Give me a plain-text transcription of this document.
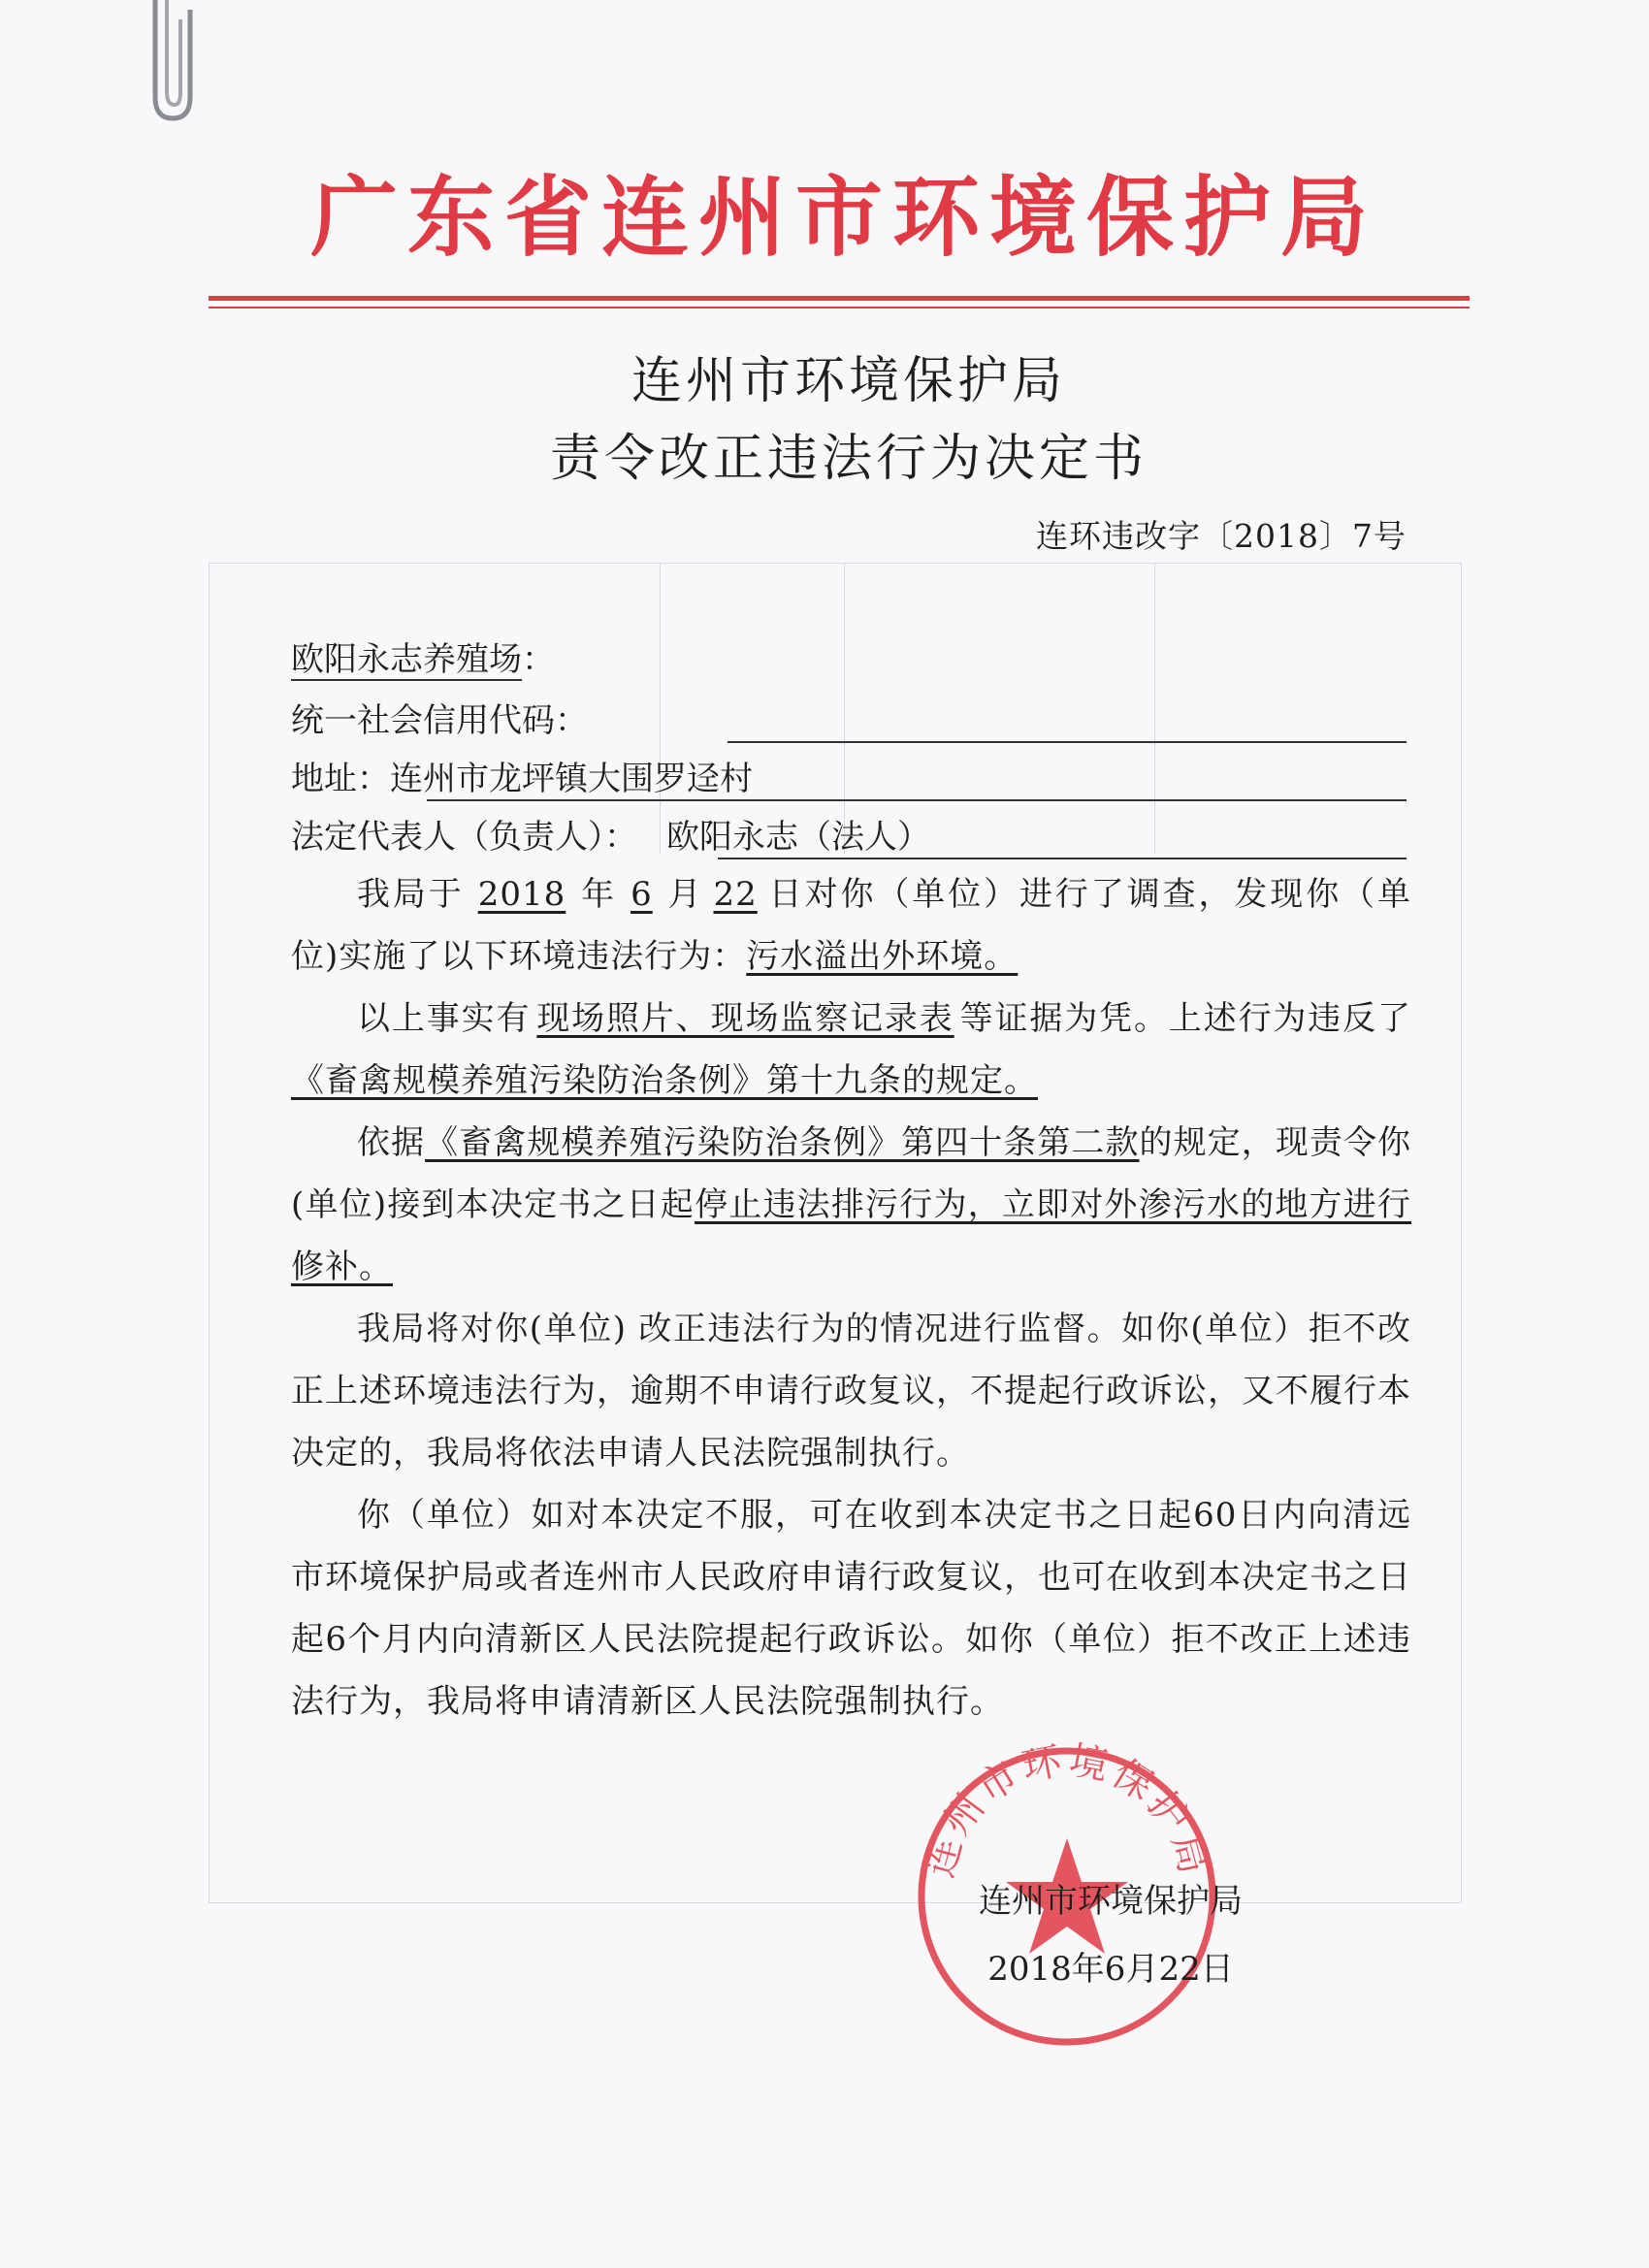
广东省连州市环境保护局
连州市环境保护局
责令改正违法行为决定书
连环违改字〔2018〕7号
欧阳永志养殖场：
统一社会信用代码：
地址：连州市龙坪镇大围罗迳村
法定代表人（负责人）： 欧阳永志（法人）

我局于 2018 年 6 月 22 日对你（单位）进行了调查，发现你（单位)实施了以下环境违法行为：污水溢出外环境。

以上事实有 现场照片、现场监察记录表 等证据为凭。上述行为违反了《畜禽规模养殖污染防治条例》第十九条的规定。

依据《畜禽规模养殖污染防治条例》第四十条第二款的规定，现责令你(单位)接到本决定书之日起停止违法排污行为，立即对外渗污水的地方进行修补。

我局将对你(单位) 改正违法行为的情况进行监督。如你(单位）拒不改正上述环境违法行为，逾期不申请行政复议，不提起行政诉讼，又不履行本决定的，我局将依法申请人民法院强制执行。

你（单位）如对本决定不服，可在收到本决定书之日起60日内向清远市环境保护局或者连州市人民政府申请行政复议，也可在收到本决定书之日起6个月内向清新区人民法院提起行政诉讼。如你（单位）拒不改正上述违法行为，我局将申请清新区人民法院强制执行。

连州市环境保护局
连州市环境保护局
2018年6月22日
